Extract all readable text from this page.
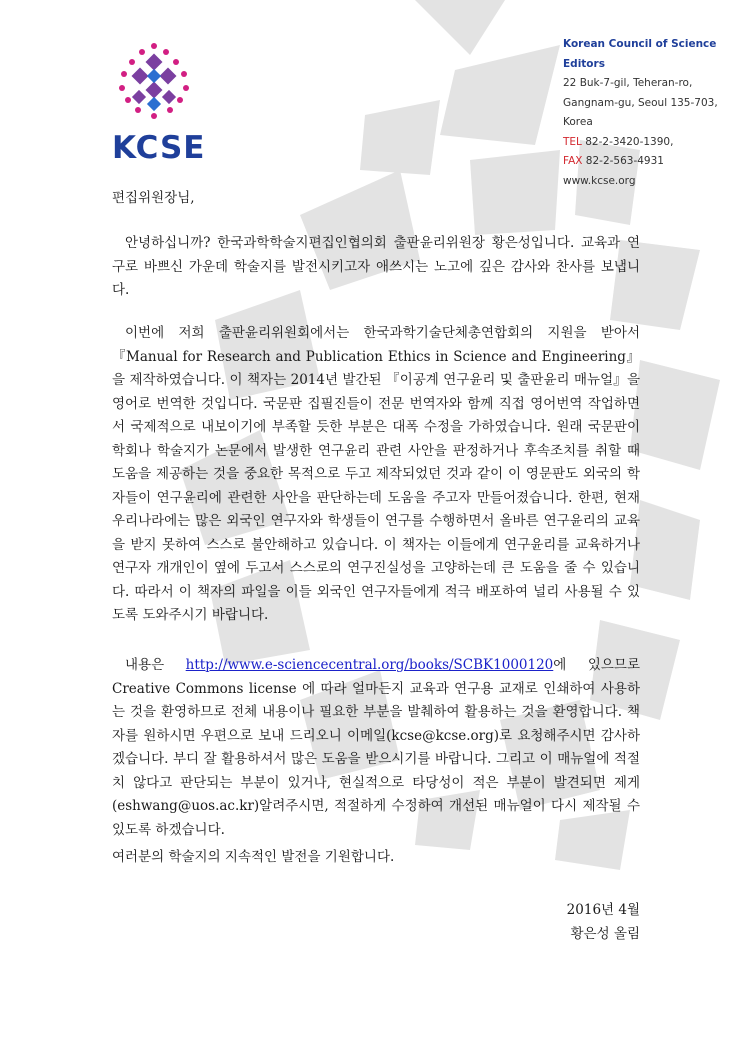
KCSE
Korean Council of Science Editors
22 Buk-7-gil, Teheran-ro,
Gangnam-gu, Seoul 135-703, Korea
TEL 82-2-3420-1390,
FAX 82-2-563-4931
www.kcse.org
편집위원장님,

안녕하십니까? 한국과학학술지편집인협의회 출판윤리위원장 황은성입니다. 교육과 연구로 바쁘신 가운데 학술지를 발전시키고자 애쓰시는 노고에 깊은 감사와 찬사를 보냅니다.

이번에 저희 출판윤리위원회에서는 한국과학기술단체총연합회의 지원을 받아서 『Manual for Research and Publication Ethics in Science and Engineering』을 제작하였습니다. 이 책자는 2014년 발간된 『이공계 연구윤리 및 출판윤리 매뉴얼』을 영어로 번역한 것입니다. 국문판 집필진들이 전문 번역자와 함께 직접 영어번역 작업하면서 국제적으로 내보이기에 부족할 듯한 부분은 대폭 수정을 가하였습니다. 원래 국문판이 학회나 학술지가 논문에서 발생한 연구윤리 관련 사안을 판정하거나 후속조치를 취할 때 도움을 제공하는 것을 중요한 목적으로 두고 제작되었던 것과 같이 이 영문판도 외국의 학자들이 연구윤리에 관련한 사안을 판단하는데 도움을 주고자 만들어졌습니다. 한편, 현재 우리나라에는 많은 외국인 연구자와 학생들이 연구를 수행하면서 올바른 연구윤리의 교육을 받지 못하여 스스로 불안해하고 있습니다. 이 책자는 이들에게 연구윤리를 교육하거나 연구자 개개인이 옆에 두고서 스스로의 연구진실성을 고양하는데 큰 도움을 줄 수 있습니다. 따라서 이 책자의 파일을 이들 외국인 연구자들에게 적극 배포하여 널리 사용될 수 있도록 도와주시기 바랍니다.

내용은 http://www.e-sciencecentral.org/books/SCBK1000120에 있으므로 Creative Commons license 에 따라 얼마든지 교육과 연구용 교재로 인쇄하여 사용하는 것을 환영하므로 전체 내용이나 필요한 부분을 발췌하여 활용하는 것을 환영합니다. 책자를 원하시면 우편으로 보내 드리오니 이메일(kcse@kcse.org)로 요청해주시면 감사하겠습니다. 부디 잘 활용하셔서 많은 도움을 받으시기를 바랍니다. 그리고 이 매뉴얼에 적절치 않다고 판단되는 부분이 있거나, 현실적으로 타당성이 적은 부분이 발견되면 제게(eshwang@uos.ac.kr)알려주시면, 적절하게 수정하여 개선된 매뉴얼이 다시 제작될 수 있도록 하겠습니다.

여러분의 학술지의 지속적인 발전을 기원합니다.

2016년 4월
황은성 올림
